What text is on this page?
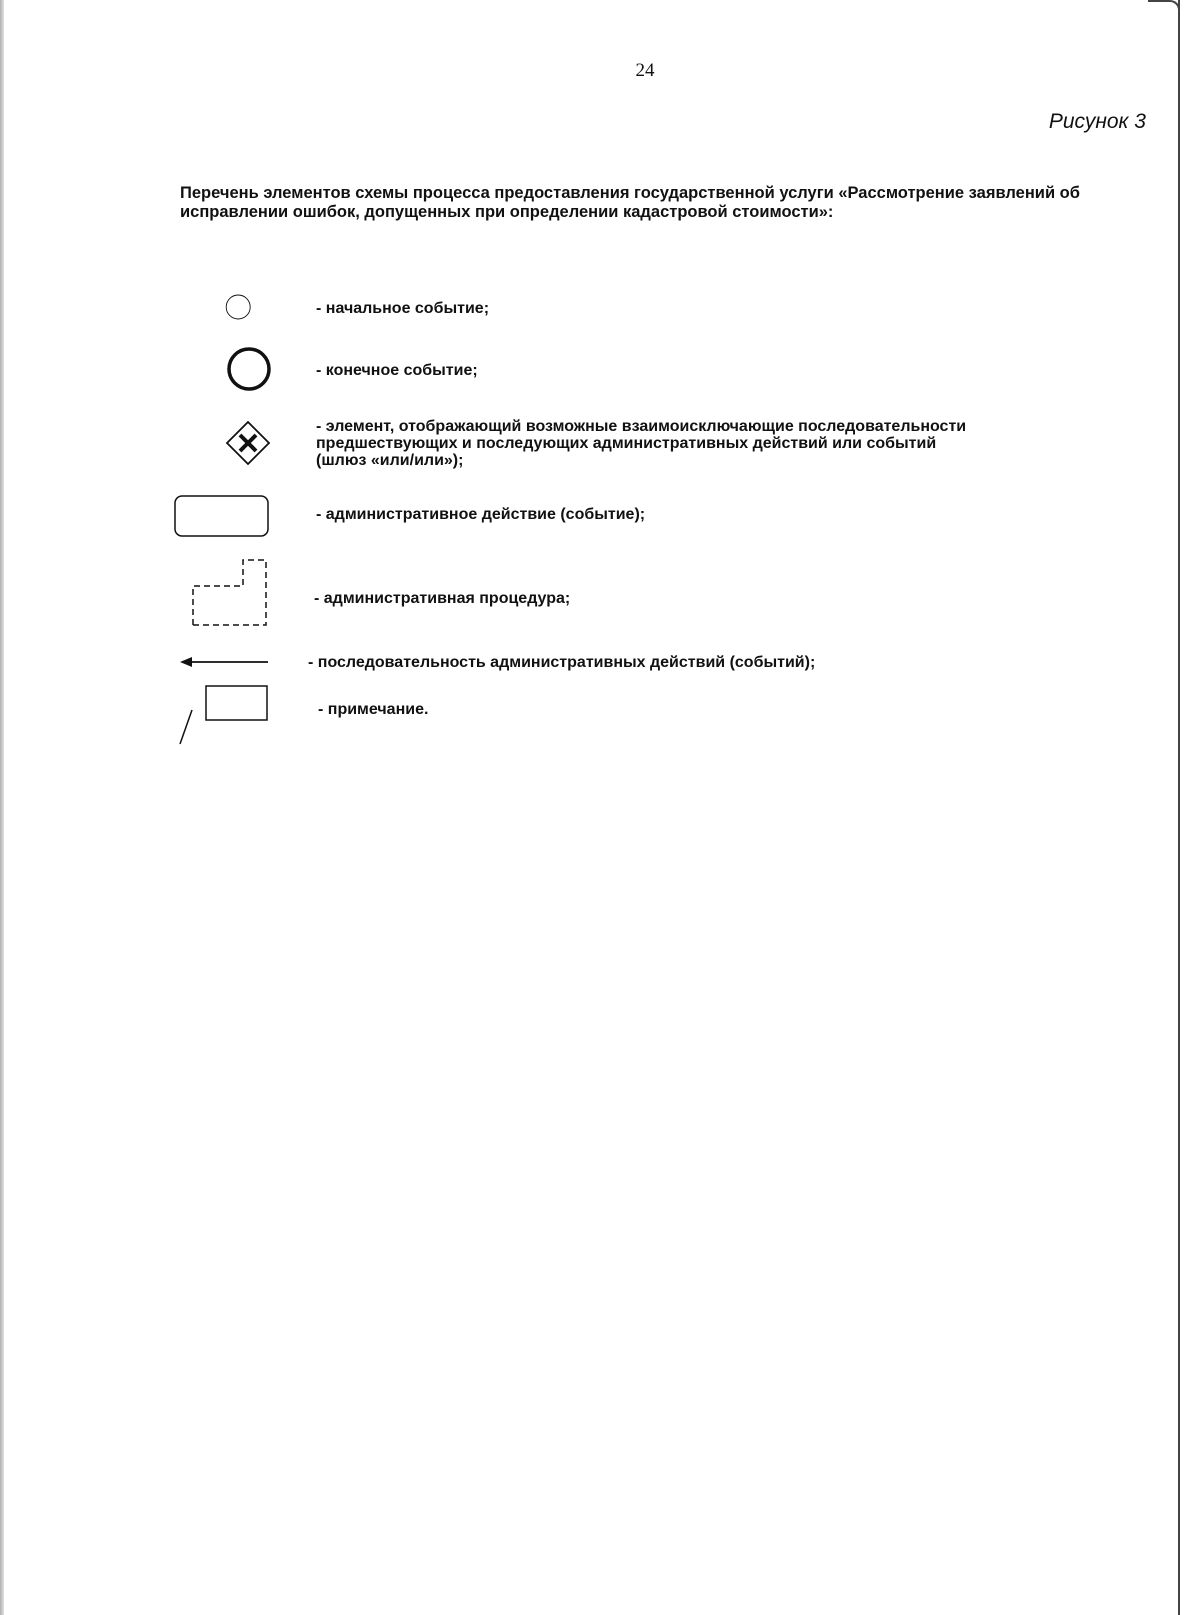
24
Рисунок 3
Перечень элементов схемы процесса предоставления государственной услуги «Рассмотрение заявлений об исправлении ошибок, допущенных при определении кадастровой стоимости»:
- начальное событие;
- конечное событие;
- элемент, отображающий возможные взаимоисключающие последовательности
предшествующих и последующих административных действий или событий
(шлюз «или/или»);
- административное действие (событие);
- административная процедура;
- последовательность административных действий (событий);
- примечание.
